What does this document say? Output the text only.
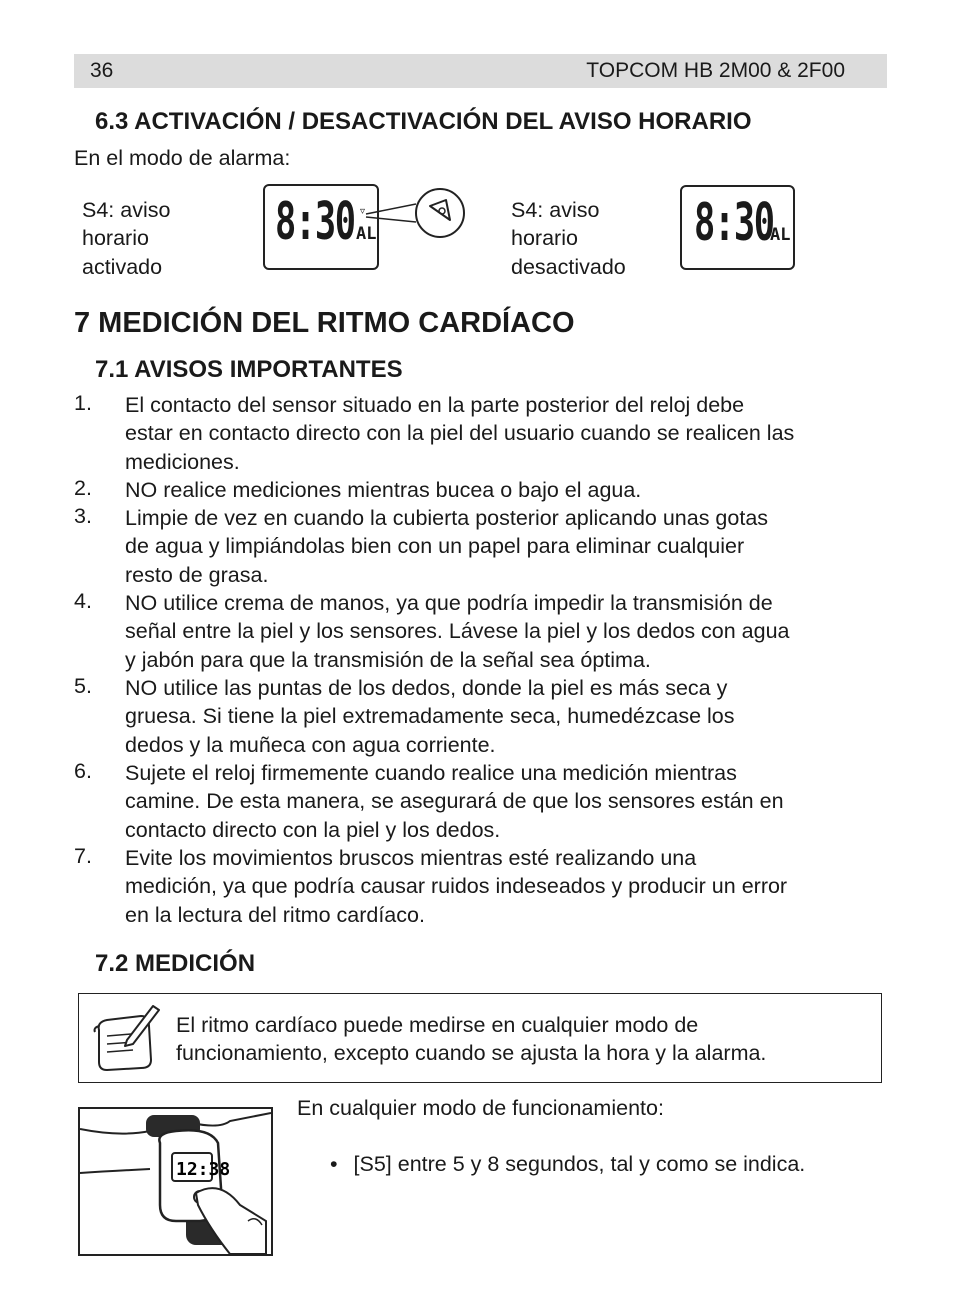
36	TOPCOM HB 2M00 & 2F00
6.3 ACTIVACIÓN / DESACTIVACIÓN DEL AVISO HORARIO
En el modo de alarma:
S4: aviso
horario
activado
8:30 AL
▿	S4: aviso
horario
desactivado
8:30
AL
7 MEDICIÓN DEL RITMO CARDÍACO
7.1 AVISOS IMPORTANTES
1. El contacto del sensor situado en la parte posterior del reloj debe
estar en contacto directo con la piel del usuario cuando se realicen las
mediciones.
2. NO realice mediciones mientras bucea o bajo el agua.
3. Limpie de vez en cuando la cubierta posterior aplicando unas gotas
de agua y limpiándolas bien con un papel para eliminar cualquier
resto de grasa.
4. NO utilice crema de manos, ya que podría impedir la transmisión de
señal entre la piel y los sensores. Lávese la piel y los dedos con agua
y jabón para que la transmisión de la señal sea óptima.
5. NO utilice las puntas de los dedos, donde la piel es más seca y
gruesa. Si tiene la piel extremadamente seca, humedézcase los
dedos y la muñeca con agua corriente.
6. Sujete el reloj firmemente cuando realice una medición mientras
camine. De esta manera, se asegurará de que los sensores están en
contacto directo con la piel y los dedos.
7. Evite los movimientos bruscos mientras esté realizando una
medición, ya que podría causar ruidos indeseados y producir un error
en la lectura del ritmo cardíaco.
7.2 MEDICIÓN
El ritmo cardíaco puede medirse en cualquier modo de
funcionamiento, excepto cuando se ajusta la hora y la alarma.
12:38
En cualquier modo de funcionamiento:
• [S5] entre 5 y 8 segundos, tal y como se indica.
